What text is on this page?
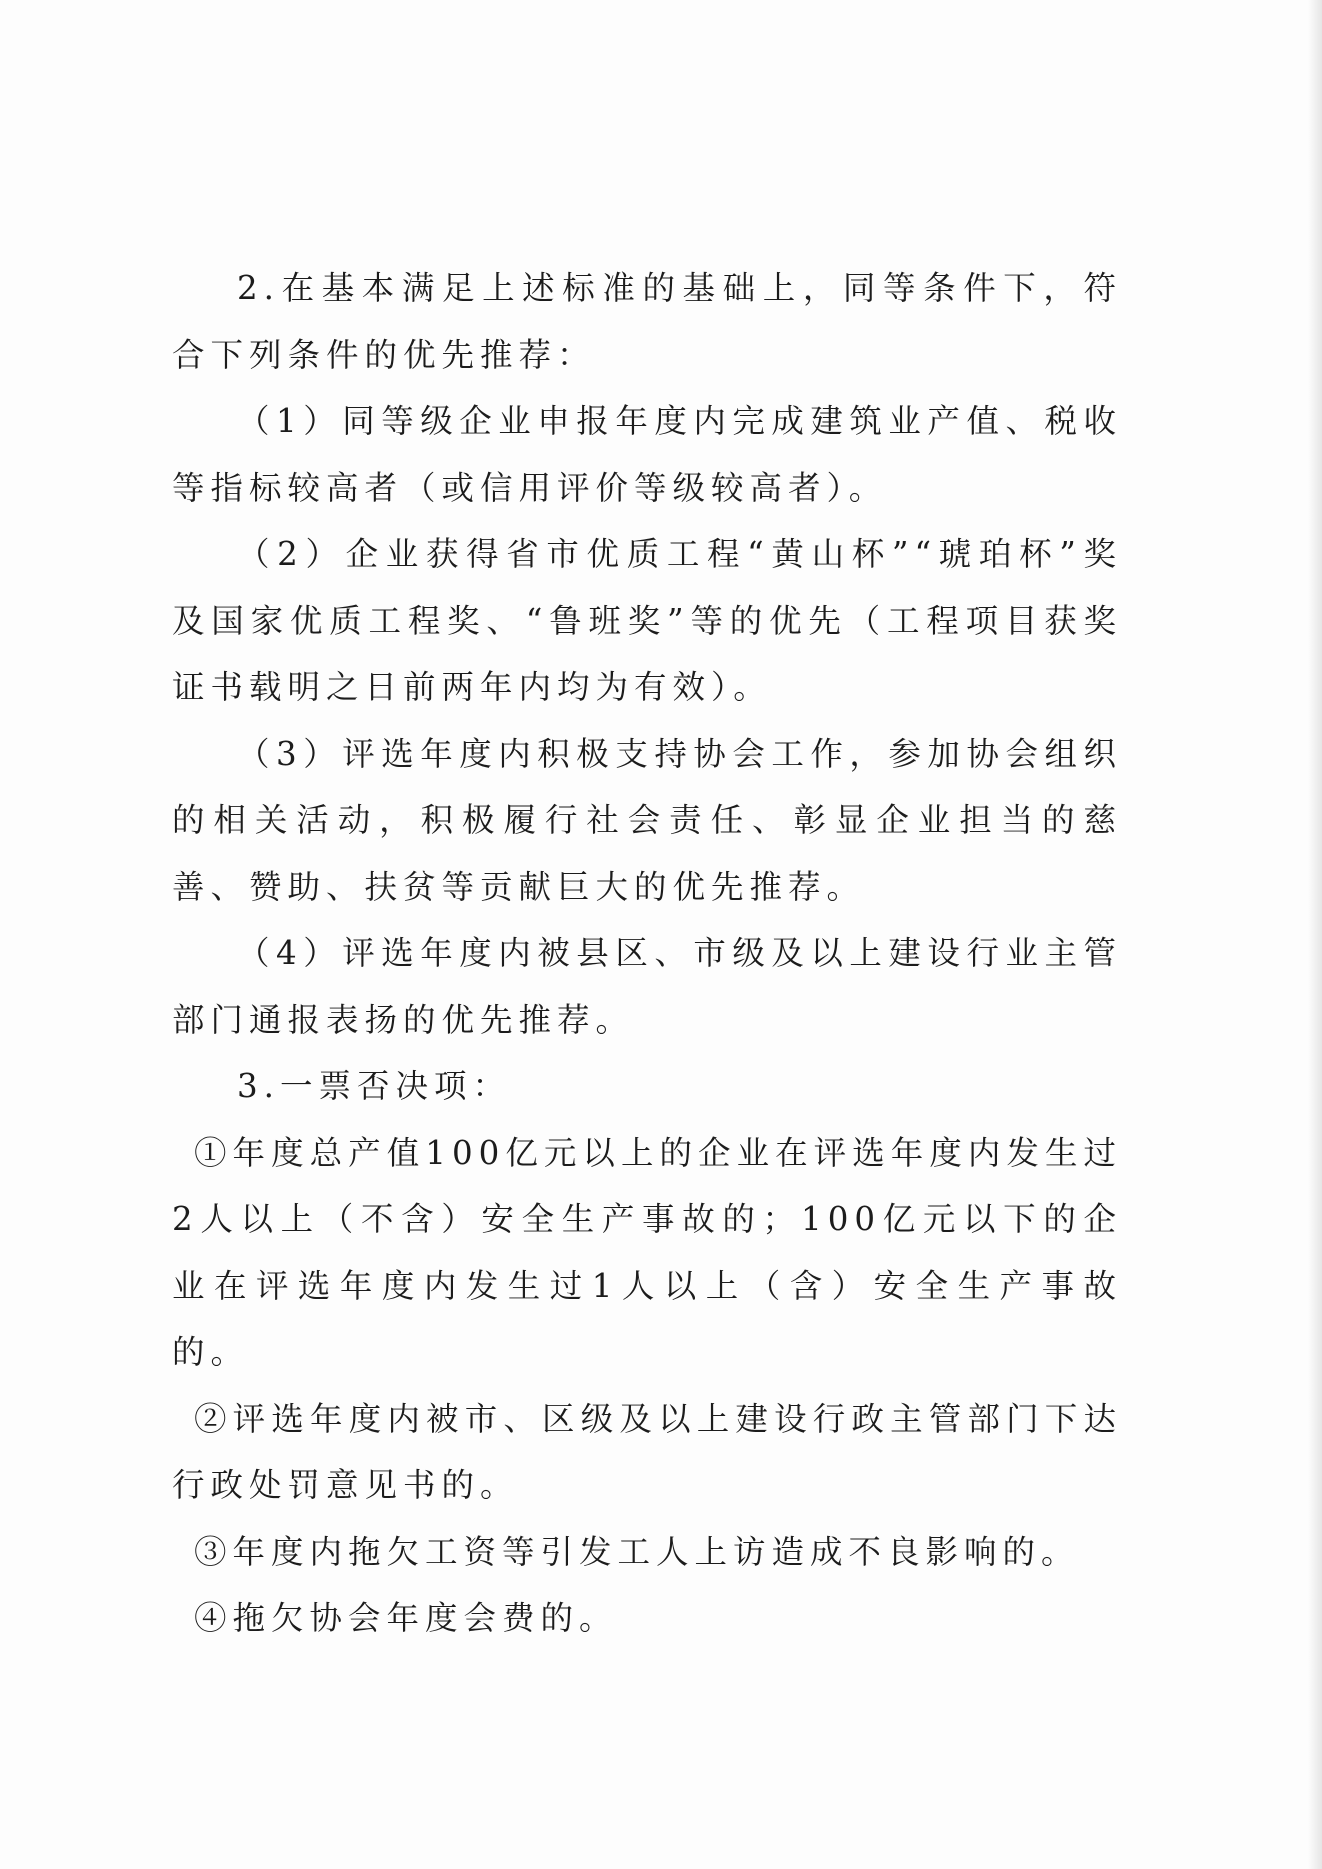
2.在基本满足上述标准的基础上，同等条件下，符合下列条件的优先推荐：

（1）同等级企业申报年度内完成建筑业产值、税收等指标较高者（或信用评价等级较高者）。

（2）企业获得省市优质工程“黄山杯”“琥珀杯”奖及国家优质工程奖、“鲁班奖”等的优先（工程项目获奖证书载明之日前两年内均为有效）。

（3）评选年度内积极支持协会工作，参加协会组织的相关活动，积极履行社会责任、彰显企业担当的慈善、赞助、扶贫等贡献巨大的优先推荐。

（4）评选年度内被县区、市级及以上建设行业主管部门通报表扬的优先推荐。

3.一票否决项：

①年度总产值100亿元以上的企业在评选年度内发生过2人以上（不含）安全生产事故的；100亿元以下的企业在评选年度内发生过1人以上（含）安全生产事故的。

②评选年度内被市、区级及以上建设行政主管部门下达行政处罚意见书的。

③年度内拖欠工资等引发工人上访造成不良影响的。

④拖欠协会年度会费的。
